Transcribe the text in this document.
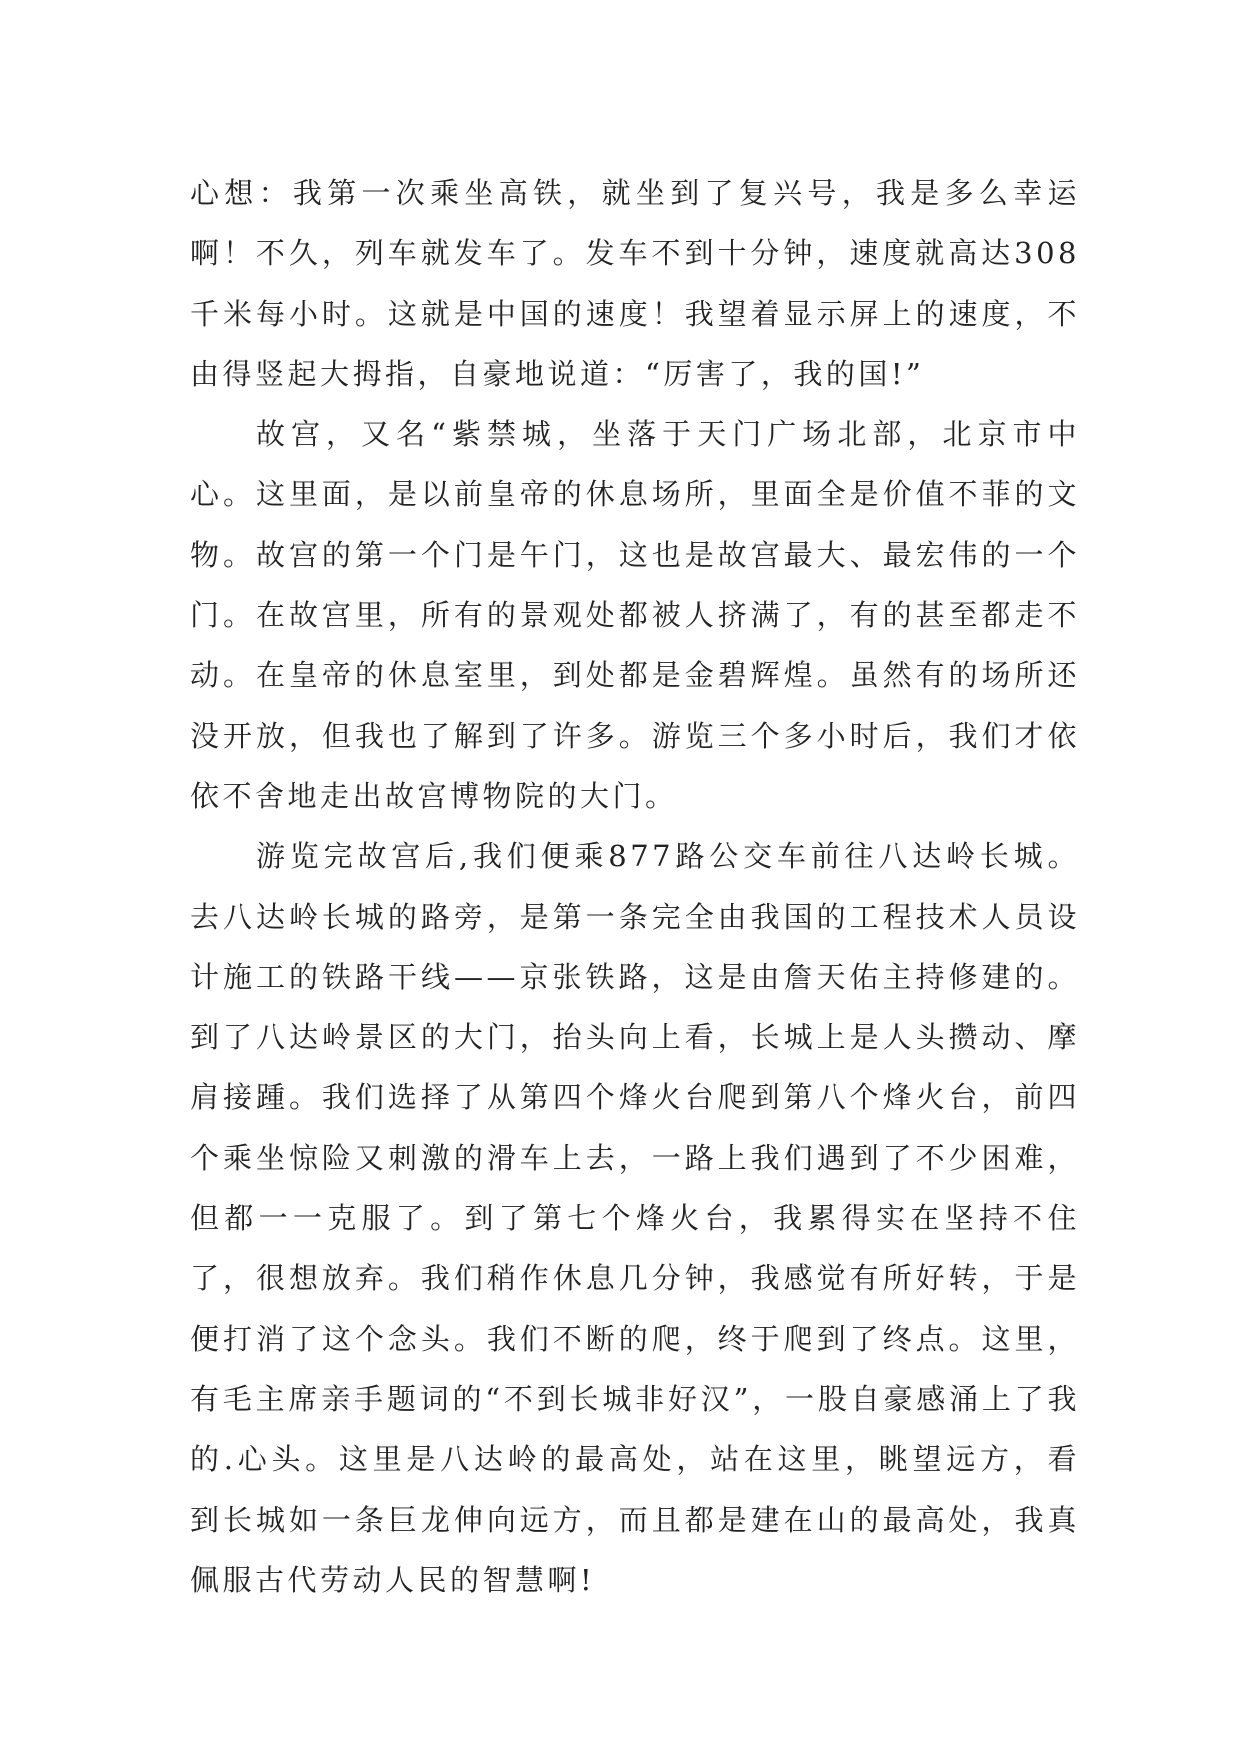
心想：我第一次乘坐高铁，就坐到了复兴号，我是多么幸运啊！不久，列车就发车了。发车不到十分钟，速度就高达308千米每小时。这就是中国的速度！我望着显示屏上的速度，不由得竖起大拇指，自豪地说道：“厉害了，我的国!”

故宫，又名“紫禁城，坐落于天门广场北部，北京市中心。这里面，是以前皇帝的休息场所，里面全是价值不菲的文物。故宫的第一个门是午门，这也是故宫最大、最宏伟的一个门。在故宫里，所有的景观处都被人挤满了，有的甚至都走不动。在皇帝的休息室里，到处都是金碧辉煌。虽然有的场所还没开放，但我也了解到了许多。游览三个多小时后，我们才依依不舍地走出故宫博物院的大门。

游览完故宫后,我们便乘877路公交车前往八达岭长城。去八达岭长城的路旁，是第一条完全由我国的工程技术人员设计施工的铁路干线——京张铁路，这是由詹天佑主持修建的。到了八达岭景区的大门，抬头向上看，长城上是人头攒动、摩肩接踵。我们选择了从第四个烽火台爬到第八个烽火台，前四个乘坐惊险又刺激的滑车上去，一路上我们遇到了不少困难，但都一一克服了。到了第七个烽火台，我累得实在坚持不住了，很想放弃。我们稍作休息几分钟，我感觉有所好转，于是便打消了这个念头。我们不断的爬，终于爬到了终点。这里，有毛主席亲手题词的“不到长城非好汉”，一股自豪感涌上了我的.心头。这里是八达岭的最高处，站在这里，眺望远方，看到长城如一条巨龙伸向远方，而且都是建在山的最高处，我真佩服古代劳动人民的智慧啊!
